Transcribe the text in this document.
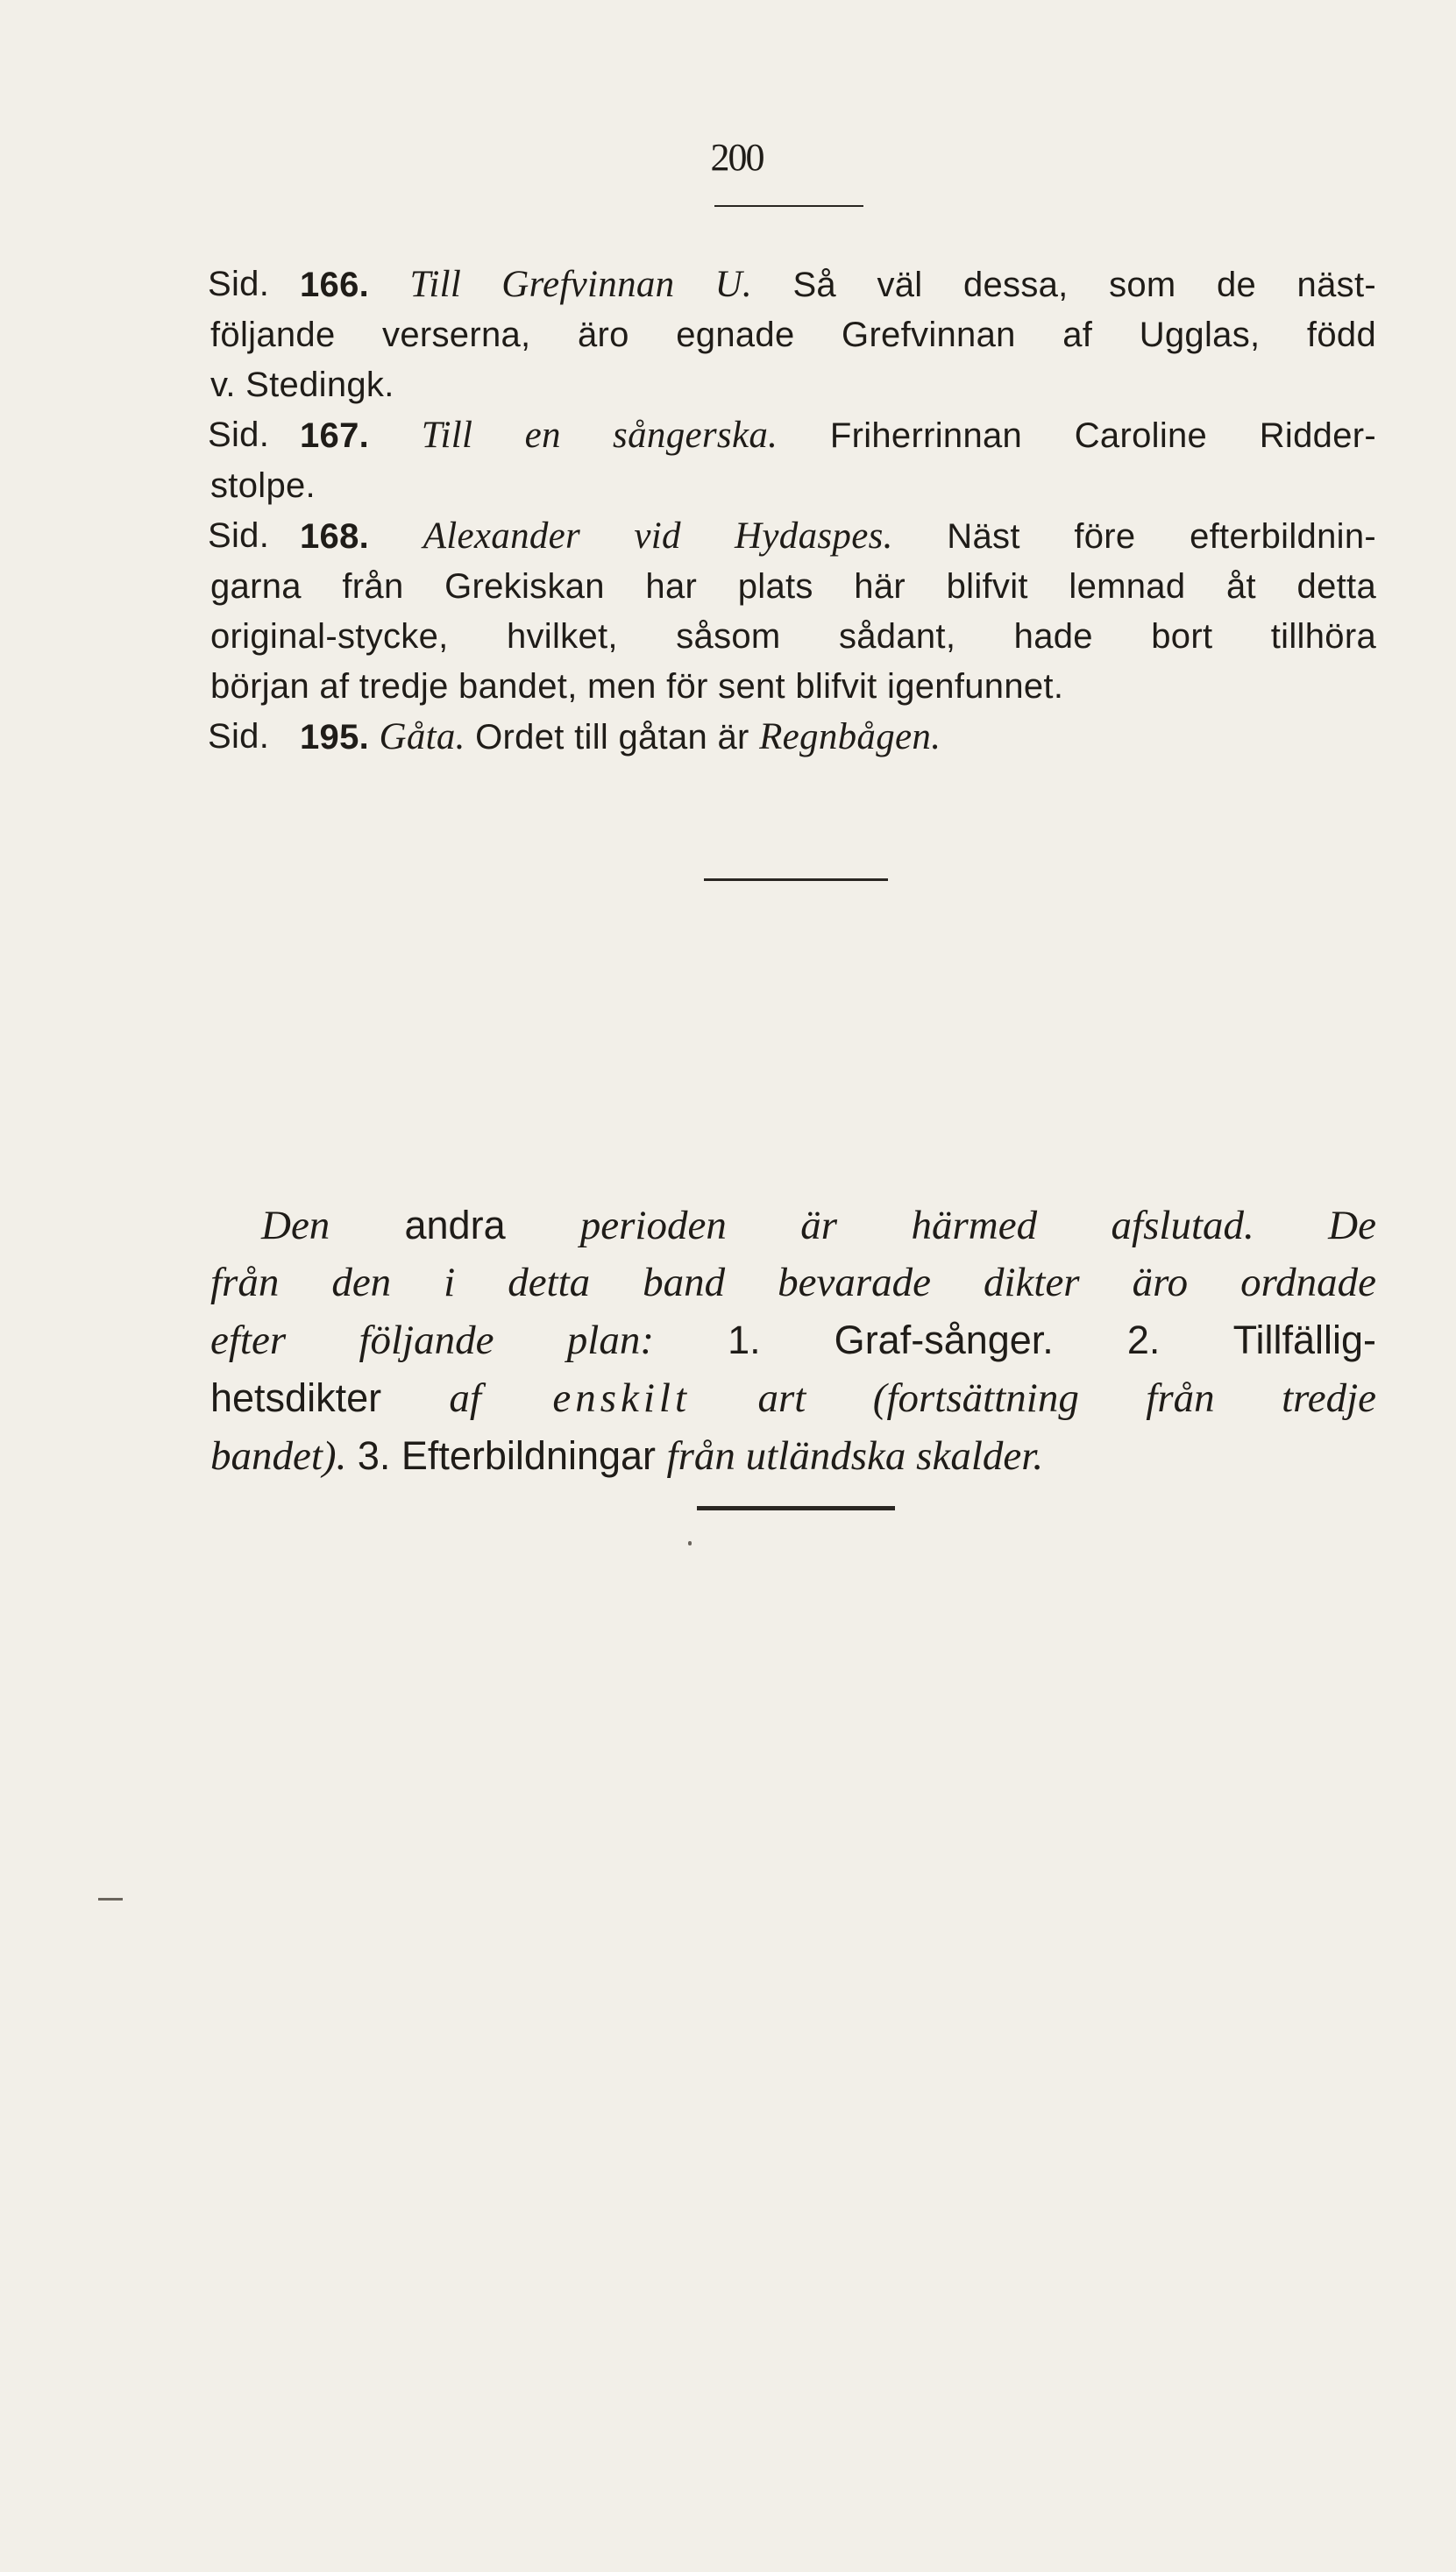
200
Sid. 166. Till Grefvinnan U. Så väl dessa, som de näst-
följande verserna, äro egnade Grefvinnan af Ugglas, född
v. Stedingk.
Sid. 167. Till en sångerska. Friherrinnan Caroline Ridder-
stolpe.
Sid. 168. Alexander vid Hydaspes. Näst före efterbildnin-
garna från Grekiskan har plats här blifvit lemnad åt detta
original-stycke, hvilket, såsom sådant, hade bort tillhöra
början af tredje bandet, men för sent blifvit igenfunnet.
Sid. 195. Gåta. Ordet till gåtan är Regnbågen.
Den andra perioden är härmed afslutad. De
från den i detta band bevarade dikter äro ordnade
efter följande plan: 1. Graf-sånger. 2. Tillfällig-
hetsdikter af enskilt art (fortsättning från tredje
bandet). 3. Efterbildningar från utländska skalder.
